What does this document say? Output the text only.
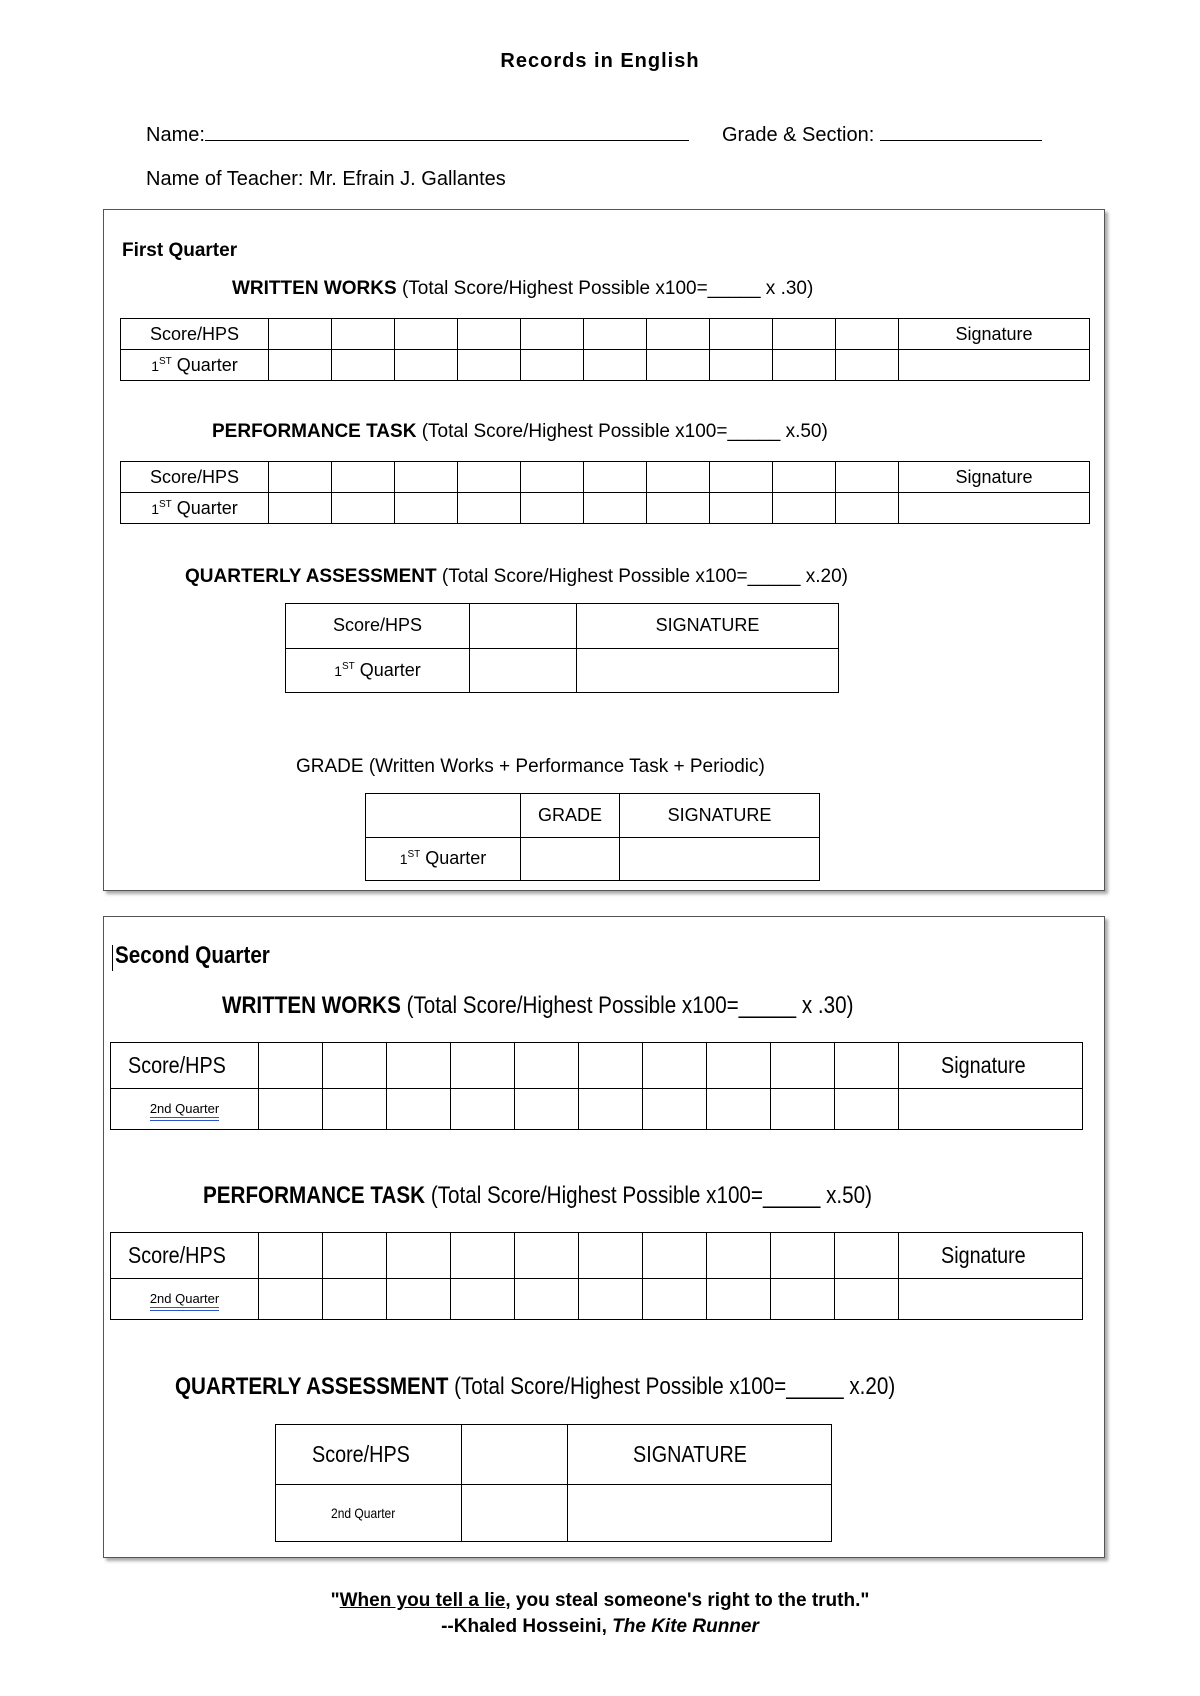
Records in English
Name:	Grade & Section:
Name of Teacher: Mr. Efrain J. Gallantes
First Quarter
WRITTEN WORKS (Total Score/Highest Possible x100=_____ x .30)
Score/HPS											Signature
1ST Quarter											
PERFORMANCE TASK (Total Score/Highest Possible x100=_____ x.50)
Score/HPS											Signature
1ST Quarter											
QUARTERLY ASSESSMENT (Total Score/Highest Possible x100=_____ x.20)
Score/HPS		SIGNATURE
1ST Quarter		
GRADE (Written Works + Performance Task + Periodic)
	GRADE	SIGNATURE
1ST Quarter		
Second Quarter
WRITTEN WORKS (Total Score/Highest Possible x100=_____ x .30)
Score/HPS											Signature
2nd Quarter											
PERFORMANCE TASK (Total Score/Highest Possible x100=_____ x.50)
Score/HPS											Signature
2nd Quarter											
QUARTERLY ASSESSMENT (Total Score/Highest Possible x100=_____ x.20)
Score/HPS		SIGNATURE
2nd Quarter		
"When you tell a lie, you steal someone's right to the truth."
--Khaled Hosseini, The Kite Runner
